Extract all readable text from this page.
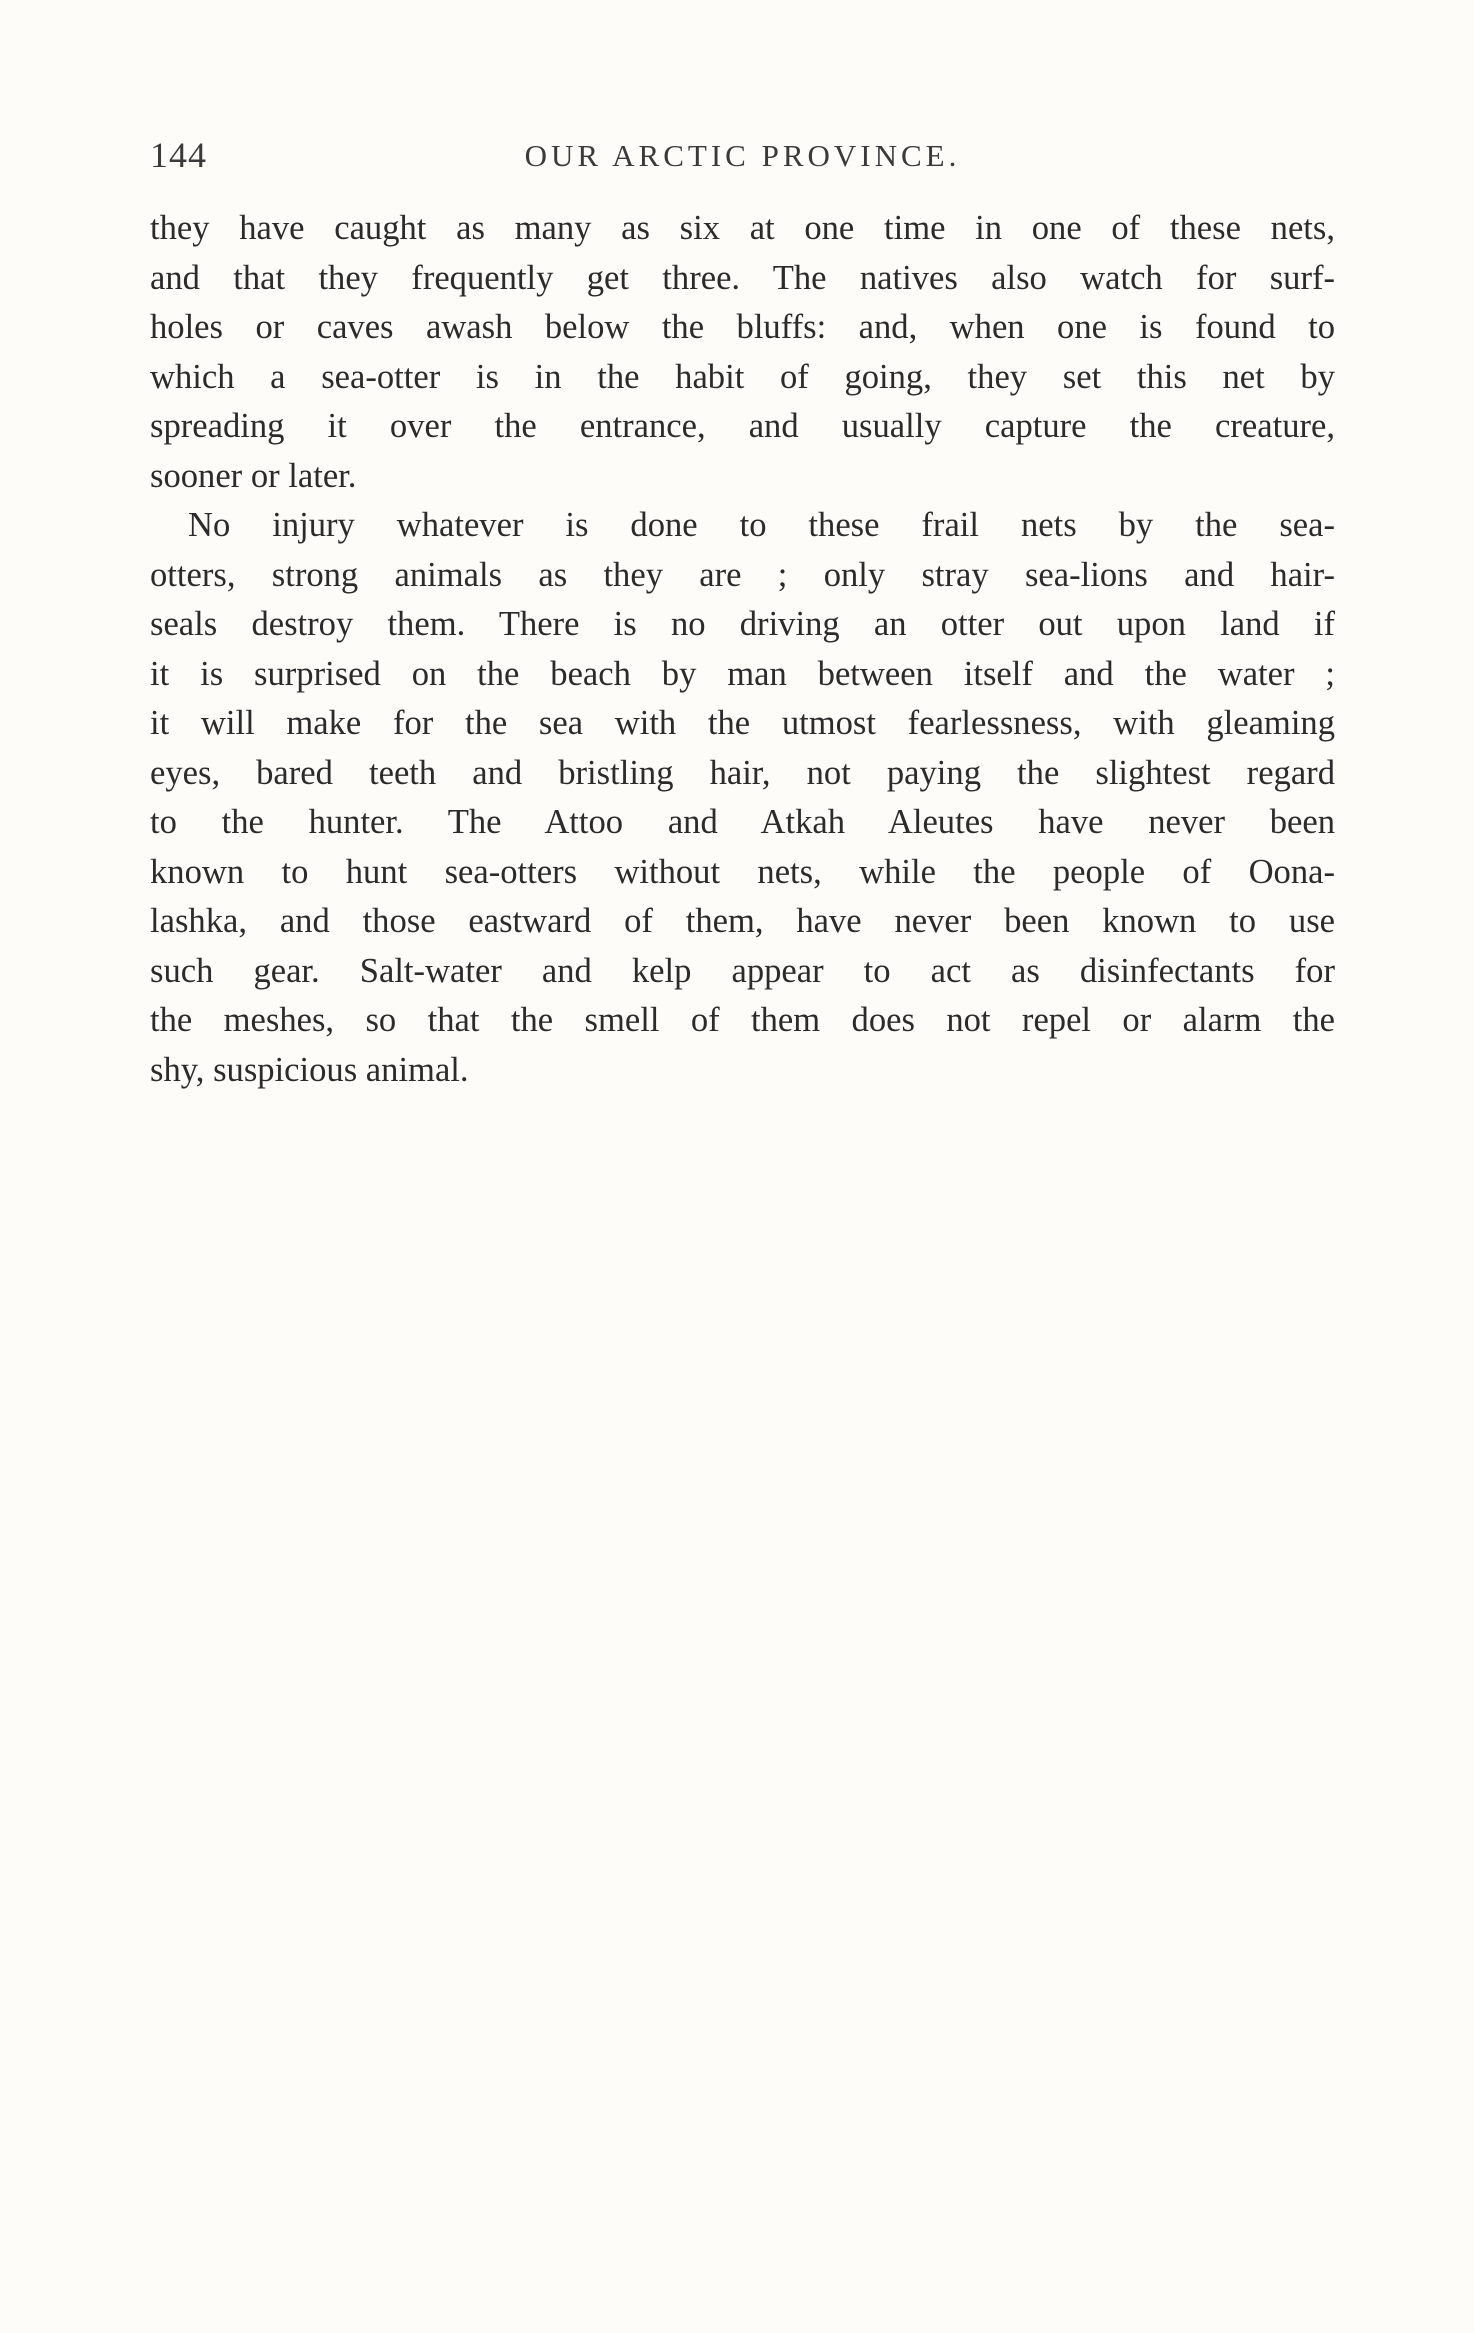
144	OUR ARCTIC PROVINCE.

they have caught as many as six at one time in one of these nets,
and that they frequently get three. The natives also watch for surf-
holes or caves awash below the bluffs: and, when one is found to
which a sea-otter is in the habit of going, they set this net by
spreading it over the entrance, and usually capture the creature,
sooner or later.

No injury whatever is done to these frail nets by the sea-
otters, strong animals as they are ; only stray sea-lions and hair-
seals destroy them. There is no driving an otter out upon land if
it is surprised on the beach by man between itself and the water ;
it will make for the sea with the utmost fearlessness, with gleaming
eyes, bared teeth and bristling hair, not paying the slightest regard
to the hunter. The Attoo and Atkah Aleutes have never been
known to hunt sea-otters without nets, while the people of Oona-
lashka, and those eastward of them, have never been known to use
such gear. Salt-water and kelp appear to act as disinfectants for
the meshes, so that the smell of them does not repel or alarm the
shy, suspicious animal.
